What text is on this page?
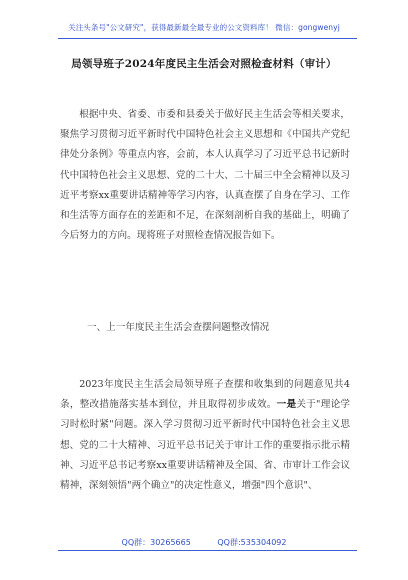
关注头条号"公文研究"，获得最新最全最专业的公文资料库！ 微信：gongwenyj
局领导班子2024年度民主生活会对照检查材料（审计）
根据中央、省委、市委和县委关于做好民主生活会等相关要求，聚焦学习贯彻习近平新时代中国特色社会主义思想和《中国共产党纪律处分条例》等重点内容，会前，本人认真学习了习近平总书记新时代中国特色社会主义思想、党的二十大、二十届三中全会精神以及习近平考察xx重要讲话精神等学习内容，认真查摆了自身在学习、工作和生活等方面存在的差距和不足，在深刻剖析自我的基础上，明确了今后努力的方向。现将班子对照检查情况报告如下。
一、上一年度民主生活会查摆问题整改情况
2023年度民主生活会局领导班子查摆和收集到的问题意见共4条，整改措施落实基本到位，并且取得初步成效。一是关于"理论学习时松时紧"问题。深入学习贯彻习近平新时代中国特色社会主义思想、党的二十大精神、习近平总书记关于审计工作的重要指示批示精神、习近平总书记考察xx重要讲话精神及全国、省、市审计工作会议精神，深刻领悟"两个确立"的决定性意义，增强"四个意识"、
QQ群：30265665	QQ群:535304092
